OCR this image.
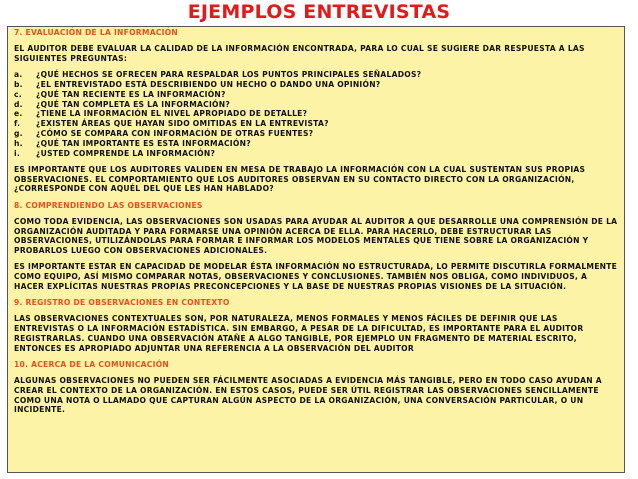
EJEMPLOS ENTREVISTAS

7. EVALUACIÓN DE LA INFORMACIÓN

EL AUDITOR DEBE EVALUAR LA CALIDAD DE LA INFORMACIÓN ENCONTRADA, PARA LO CUAL SE SUGIERE DAR RESPUESTA A LAS SIGUIENTES PREGUNTAS:

a.	¿QUÉ HECHOS SE OFRECEN PARA RESPALDAR LOS PUNTOS PRINCIPALES SEÑALADOS?
b.	¿EL ENTREVISTADO ESTÁ DESCRIBIENDO UN HECHO O DANDO UNA OPINIÓN?
c.	¿QUÉ TAN RECIENTE ES LA INFORMACIÓN?
d.	¿QUÉ TAN COMPLETA ES LA INFORMACIÓN?
e.	¿TIENE LA INFORMACIÓN EL NIVEL APROPIADO DE DETALLE?
f.	¿EXISTEN ÁREAS QUE HAYAN SIDO OMITIDAS EN LA ENTREVISTA?
g.	¿CÓMO SE COMPARA CON INFORMACIÓN DE OTRAS FUENTES?
h.	¿QUÉ TAN IMPORTANTE ES ESTA INFORMACIÓN?
i.	¿USTED COMPRENDE LA INFORMACIÓN?

ES IMPORTANTE QUE LOS AUDITORES VALIDEN EN MESA DE TRABAJO LA INFORMACIÓN CON LA CUAL SUSTENTAN SUS PROPIAS OBSERVACIONES. EL COMPORTAMIENTO QUE LOS AUDITORES OBSERVAN EN SU CONTACTO DIRECTO CON LA ORGANIZACIÓN, ¿CORRESPONDE CON AQUÉL DEL QUE LES HAN HABLADO?

8. COMPRENDIENDO LAS OBSERVACIONES

COMO TODA EVIDENCIA, LAS OBSERVACIONES SON USADAS PARA AYUDAR AL AUDITOR A QUE DESARROLLE UNA COMPRENSIÓN DE LA ORGANIZACIÓN AUDITADA Y PARA FORMARSE UNA OPINIÓN ACERCA DE ELLA. PARA HACERLO, DEBE ESTRUCTURAR LAS OBSERVACIONES, UTILIZÁNDOLAS PARA FORMAR E INFORMAR LOS MODELOS MENTALES QUE TIENE SOBRE LA ORGANIZACIÓN Y PROBARLOS LUEGO CON OBSERVACIONES ADICIONALES.

ES IMPORTANTE ESTAR EN CAPACIDAD DE MODELAR ÉSTA INFORMACIÓN NO ESTRUCTURADA, LO PERMITE DISCUTIRLA FORMALMENTE COMO EQUIPO, ASÍ MISMO COMPARAR NOTAS, OBSERVACIONES Y CONCLUSIONES. TAMBIÉN NOS OBLIGA, COMO INDIVIDUOS, A HACER EXPLÍCITAS NUESTRAS PROPIAS PRECONCEPCIONES Y LA BASE DE NUESTRAS PROPIAS VISIONES DE LA SITUACIÓN.

9. REGISTRO DE OBSERVACIONES EN CONTEXTO

LAS OBSERVACIONES CONTEXTUALES SON, POR NATURALEZA, MENOS FORMALES Y MENOS FÁCILES DE DEFINIR QUE LAS ENTREVISTAS O LA INFORMACIÓN ESTADÍSTICA. SIN EMBARGO, A PESAR DE LA DIFICULTAD, ES IMPORTANTE PARA EL AUDITOR REGISTRARLAS. CUANDO UNA OBSERVACIÓN ATAÑE A ALGO TANGIBLE, POR EJEMPLO UN FRAGMENTO DE MATERIAL ESCRITO, ENTONCES ES APROPIADO ADJUNTAR UNA REFERENCIA A LA OBSERVACIÓN DEL AUDITOR

10. ACERCA DE LA COMUNICACIÓN

ALGUNAS OBSERVACIONES NO PUEDEN SER FÁCILMENTE ASOCIADAS A EVIDENCIA MÁS TANGIBLE, PERO EN TODO CASO AYUDAN A CREAR EL CONTEXTO DE LA ORGANIZACIÓN. EN ESTOS CASOS, PUEDE SER ÚTIL REGISTRAR LAS OBSERVACIONES SENCILLAMENTE COMO UNA NOTA O LLAMADO QUE CAPTURAN ALGÚN ASPECTO DE LA ORGANIZACIÓN, UNA CONVERSACIÓN PARTICULAR, O UN INCIDENTE.
